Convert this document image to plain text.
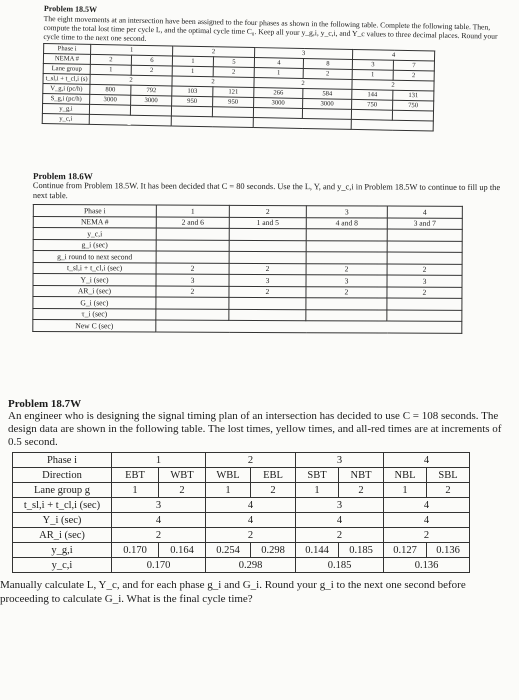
Problem 18.5W

The eight movements at an intersection have been assigned to the four phases as shown in the following table. Complete the following table. Then, compute the total lost time per cycle L, and the optimal cycle time C₀. Keep all your y_g,i, y_c,i, and Y_c values to three decimal places. Round your cycle time to the next one second.

Phase i	1		2		3		4	
NEMA #	2	6	1	5	4	8	3	7
Lane group	1	2	1	2	1	2	1	2
t_sl,i + t_cl,i (s)	2		2		2		2	
V_g,i (pc/h)	800	792	103	121	266	584	144	131
S_g,i (pc/h)	3000	3000	950	950	3000	3000	750	750
y_g,i								
y_c,i								

Problem 18.6W

Continue from Problem 18.5W. It has been decided that C = 80 seconds. Use the L, Y, and y_c,i in Problem 18.5W to continue to fill up the next table.

Phase i	1	2	3	4
NEMA #	2 and 6	1 and 5	4 and 8	3 and 7
y_c,i				
g_i (sec)				
g_i round to next second				
t_sl,i + t_cl,i (sec)	2	2	2	2
Y_i (sec)	3	3	3	3
AR_i (sec)	2	2	2	2
G_i (sec)				
τ_i (sec)				
New C (sec)				

Problem 18.7W

An engineer who is designing the signal timing plan of an intersection has decided to use C = 108 seconds. The design data are shown in the following table. The lost times, yellow times, and all-red times are at increments of 0.5 second.

Phase i	1		2		3		4	
Direction	EBT	WBT	WBL	EBL	SBT	NBT	NBL	SBL
Lane group g	1	2	1	2	1	2	1	2
t_sl,i + t_cl,i (sec)	3		4		3		4	
Y_i (sec)	4		4		4		4	
AR_i (sec)	2		2		2		2	
y_g,i	0.170	0.164	0.254	0.298	0.144	0.185	0.127	0.136
y_c,i	0.170		0.298		0.185		0.136	

Manually calculate L, Y_c, and for each phase g_i and G_i. Round your g_i to the next one second before

proceeding to calculate G_i. What is the final cycle time?
